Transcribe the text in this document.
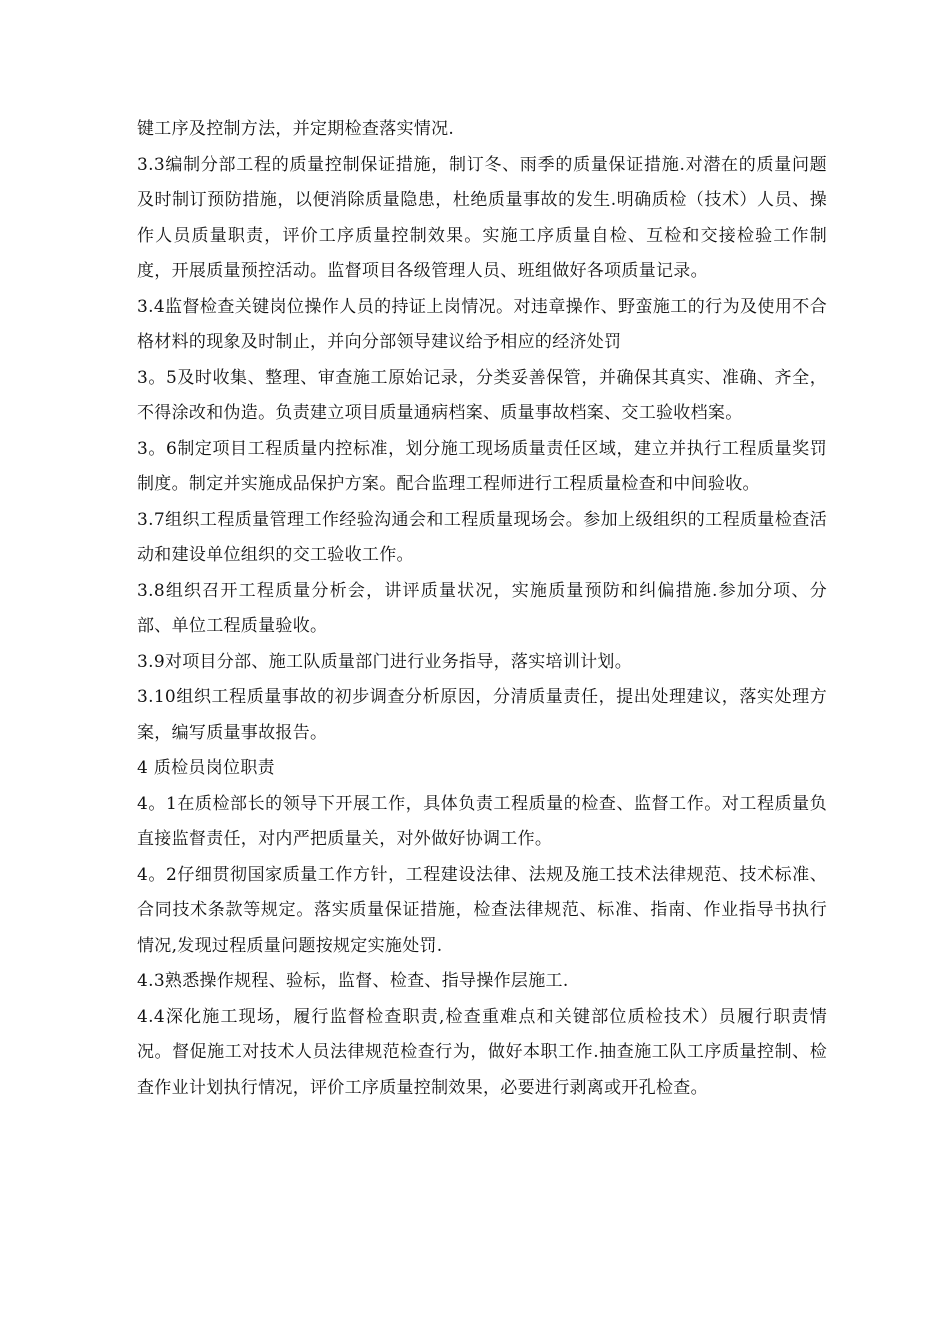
键工序及控制方法，并定期检查落实情况.

3.3编制分部工程的质量控制保证措施，制订冬、雨季的质量保证措施.对潜在的质量问题及时制订预防措施，以便消除质量隐患，杜绝质量事故的发生.明确质检（技术）人员、操作人员质量职责，评价工序质量控制效果。实施工序质量自检、互检和交接检验工作制度，开展质量预控活动。监督项目各级管理人员、班组做好各项质量记录。

3.4监督检查关键岗位操作人员的持证上岗情况。对违章操作、野蛮施工的行为及使用不合格材料的现象及时制止，并向分部领导建议给予相应的经济处罚

3。5及时收集、整理、审查施工原始记录，分类妥善保管，并确保其真实、准确、齐全，不得涂改和伪造。负责建立项目质量通病档案、质量事故档案、交工验收档案。

3。6制定项目工程质量内控标准，划分施工现场质量责任区域，建立并执行工程质量奖罚制度。制定并实施成品保护方案。配合监理工程师进行工程质量检查和中间验收。

3.7组织工程质量管理工作经验沟通会和工程质量现场会。参加上级组织的工程质量检查活动和建设单位组织的交工验收工作。

3.8组织召开工程质量分析会，讲评质量状况，实施质量预防和纠偏措施.参加分项、分部、单位工程质量验收。

3.9对项目分部、施工队质量部门进行业务指导，落实培训计划。

3.10组织工程质量事故的初步调查分析原因，分清质量责任，提出处理建议，落实处理方案，编写质量事故报告。

4 质检员岗位职责

4。1在质检部长的领导下开展工作，具体负责工程质量的检查、监督工作。对工程质量负直接监督责任，对内严把质量关，对外做好协调工作。

4。2仔细贯彻国家质量工作方针，工程建设法律、法规及施工技术法律规范、技术标准、合同技术条款等规定。落实质量保证措施，检查法律规范、标准、指南、作业指导书执行情况,发现过程质量问题按规定实施处罚.

4.3熟悉操作规程、验标，监督、检查、指导操作层施工.

4.4深化施工现场，履行监督检查职责,检查重难点和关键部位质检技术）员履行职责情况。督促施工对技术人员法律规范检查行为，做好本职工作.抽查施工队工序质量控制、检查作业计划执行情况，评价工序质量控制效果，必要进行剥离或开孔检查。
